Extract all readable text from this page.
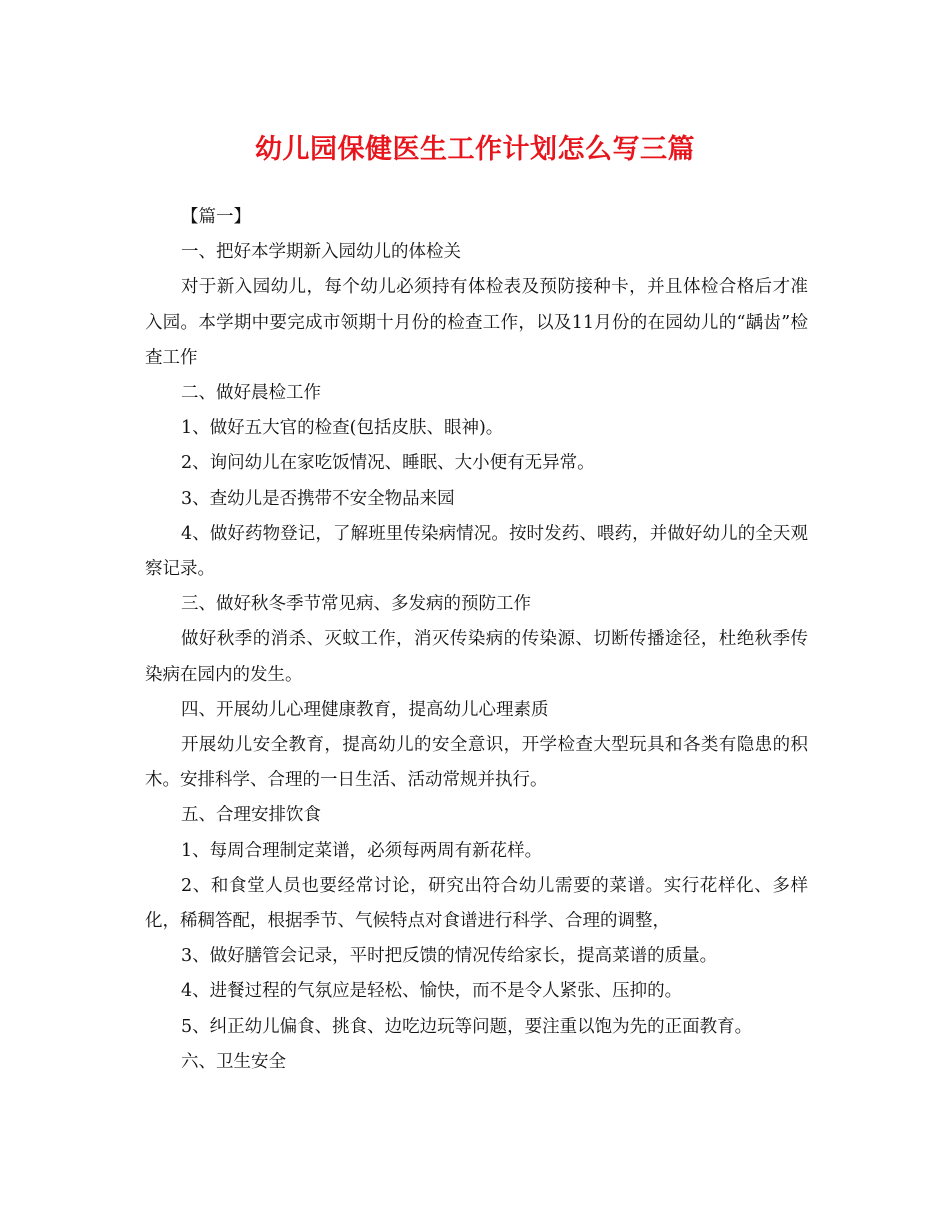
幼儿园保健医生工作计划怎么写三篇

【篇一】

一、把好本学期新入园幼儿的体检关

对于新入园幼儿，每个幼儿必须持有体检表及预防接种卡，并且体检合格后才准入园。本学期中要完成市领期十月份的检查工作，以及11月份的在园幼儿的“龋齿”检查工作

二、做好晨检工作

1、做好五大官的检查(包括皮肤、眼神)。

2、询问幼儿在家吃饭情况、睡眠、大小便有无异常。

3、查幼儿是否携带不安全物品来园

4、做好药物登记，了解班里传染病情况。按时发药、喂药，并做好幼儿的全天观察记录。

三、做好秋冬季节常见病、多发病的预防工作

做好秋季的消杀、灭蚊工作，消灭传染病的传染源、切断传播途径，杜绝秋季传染病在园内的发生。

四、开展幼儿心理健康教育，提高幼儿心理素质

开展幼儿安全教育，提高幼儿的安全意识，开学检查大型玩具和各类有隐患的积木。安排科学、合理的一日生活、活动常规并执行。

五、合理安排饮食

1、每周合理制定菜谱，必须每两周有新花样。

2、和食堂人员也要经常讨论，研究出符合幼儿需要的菜谱。实行花样化、多样化，稀稠答配，根据季节、气候特点对食谱进行科学、合理的调整，

3、做好膳管会记录，平时把反馈的情况传给家长，提高菜谱的质量。

4、进餐过程的气氛应是轻松、愉快，而不是令人紧张、压抑的。

5、纠正幼儿偏食、挑食、边吃边玩等问题，要注重以饱为先的正面教育。

六、卫生安全
